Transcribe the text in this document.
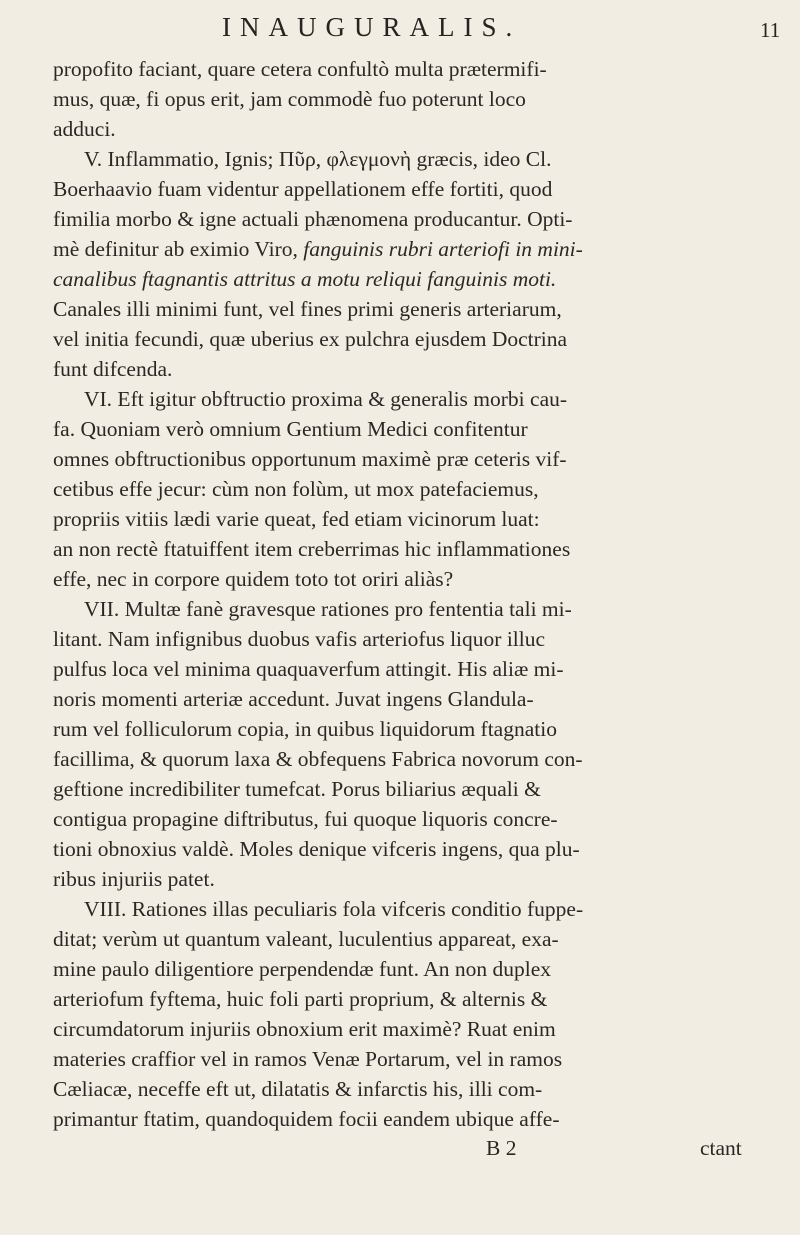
INAUGURALIS.	11
propofito faciant, quare cetera confultò multa prætermifi-
mus, quæ, fi opus erit, jam commodè fuo poterunt loco
adduci.
V. Inflammatio, Ignis; Πῦρ, φλεγμονὴ græcis, ideo Cl.
Boerhaavio fuam videntur appellationem effe fortiti, quod
fimilia morbo & igne actuali phænomena producantur. Opti-
mè definitur ab eximio Viro, fanguinis rubri arteriofi in mini-
canalibus ftagnantis attritus a motu reliqui fanguinis moti.
Canales illi minimi funt, vel fines primi generis arteriarum,
vel initia fecundi, quæ uberius ex pulchra ejusdem Doctrina
funt difcenda.
VI. Eft igitur obftructio proxima & generalis morbi cau-
fa. Quoniam verò omnium Gentium Medici confitentur
omnes obftructionibus opportunum maximè præ ceteris vif-
cetibus effe jecur: cùm non folùm, ut mox patefaciemus,
propriis vitiis lædi varie queat, fed etiam vicinorum luat:
an non rectè ftatuiffent item creberrimas hic inflammationes
effe, nec in corpore quidem toto tot oriri aliàs?
VII. Multæ fanè gravesque rationes pro fententia tali mi-
litant. Nam infignibus duobus vafis arteriofus liquor illuc
pulfus loca vel minima quaquaverfum attingit. His aliæ mi-
noris momenti arteriæ accedunt. Juvat ingens Glandula-
rum vel folliculorum copia, in quibus liquidorum ftagnatio
facillima, & quorum laxa & obfequens Fabrica novorum con-
geftione incredibiliter tumefcat. Porus biliarius æquali &
contigua propagine diftributus, fui quoque liquoris concre-
tioni obnoxius valdè. Moles denique vifceris ingens, qua plu-
ribus injuriis patet.
VIII. Rationes illas peculiaris fola vifceris conditio fuppe-
ditat; verùm ut quantum valeant, luculentius appareat, exa-
mine paulo diligentiore perpendendæ funt. An non duplex
arteriofum fyftema, huic foli parti proprium, & alternis &
circumdatorum injuriis obnoxium erit maximè? Ruat enim
materies craffior vel in ramos Venæ Portarum, vel in ramos
Cæliacæ, neceffe eft ut, dilatatis & infarctis his, illi com-
primantur ftatim, quandoquidem focii eandem ubique affe-
B 2	ctant
